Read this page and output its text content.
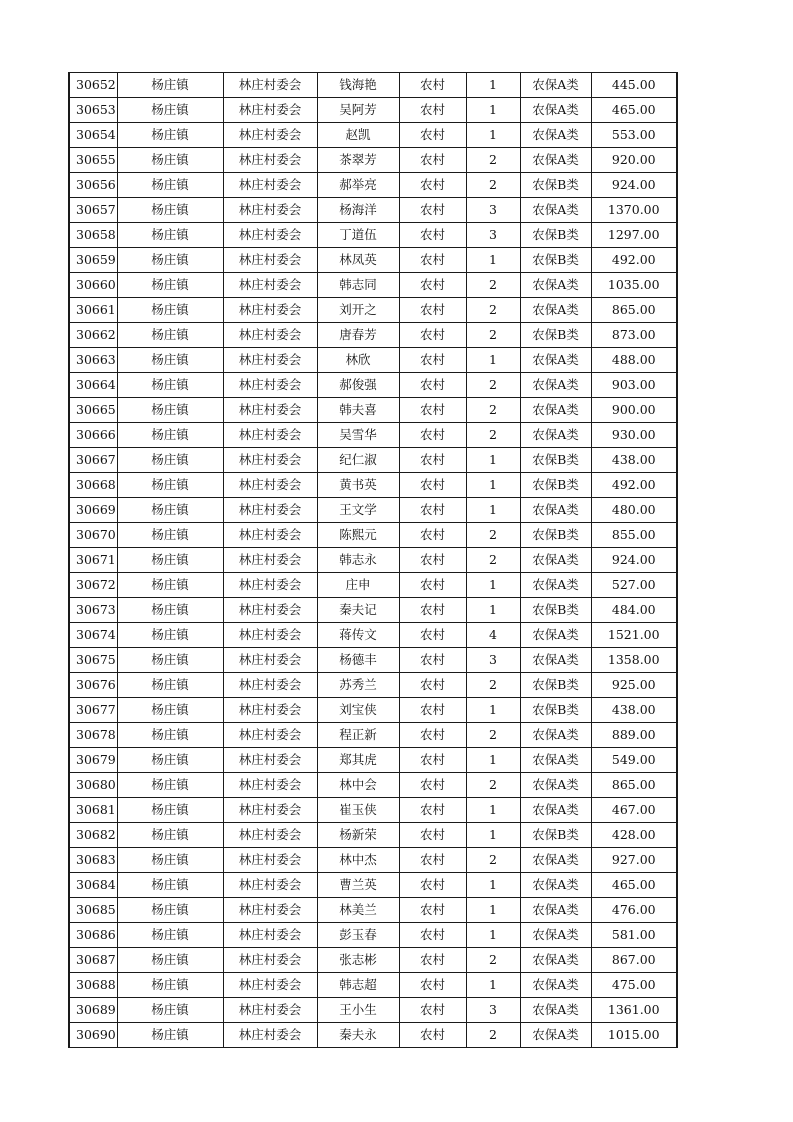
30652	杨庄镇	林庄村委会	钱海艳	农村	1	农保A类	445.00
30653	杨庄镇	林庄村委会	吴阿芳	农村	1	农保A类	465.00
30654	杨庄镇	林庄村委会	赵凯	农村	1	农保A类	553.00
30655	杨庄镇	林庄村委会	茶翠芳	农村	2	农保A类	920.00
30656	杨庄镇	林庄村委会	郝举亮	农村	2	农保B类	924.00
30657	杨庄镇	林庄村委会	杨海洋	农村	3	农保A类	1370.00
30658	杨庄镇	林庄村委会	丁道伍	农村	3	农保B类	1297.00
30659	杨庄镇	林庄村委会	林凤英	农村	1	农保B类	492.00
30660	杨庄镇	林庄村委会	韩志同	农村	2	农保A类	1035.00
30661	杨庄镇	林庄村委会	刘开之	农村	2	农保A类	865.00
30662	杨庄镇	林庄村委会	唐春芳	农村	2	农保B类	873.00
30663	杨庄镇	林庄村委会	林欣	农村	1	农保A类	488.00
30664	杨庄镇	林庄村委会	郝俊强	农村	2	农保A类	903.00
30665	杨庄镇	林庄村委会	韩夫喜	农村	2	农保A类	900.00
30666	杨庄镇	林庄村委会	吴雪华	农村	2	农保A类	930.00
30667	杨庄镇	林庄村委会	纪仁淑	农村	1	农保B类	438.00
30668	杨庄镇	林庄村委会	黄书英	农村	1	农保B类	492.00
30669	杨庄镇	林庄村委会	王文学	农村	1	农保A类	480.00
30670	杨庄镇	林庄村委会	陈熙元	农村	2	农保B类	855.00
30671	杨庄镇	林庄村委会	韩志永	农村	2	农保A类	924.00
30672	杨庄镇	林庄村委会	庄申	农村	1	农保A类	527.00
30673	杨庄镇	林庄村委会	秦夫记	农村	1	农保B类	484.00
30674	杨庄镇	林庄村委会	蒋传文	农村	4	农保A类	1521.00
30675	杨庄镇	林庄村委会	杨德丰	农村	3	农保A类	1358.00
30676	杨庄镇	林庄村委会	苏秀兰	农村	2	农保B类	925.00
30677	杨庄镇	林庄村委会	刘宝侠	农村	1	农保B类	438.00
30678	杨庄镇	林庄村委会	程正新	农村	2	农保A类	889.00
30679	杨庄镇	林庄村委会	郑其虎	农村	1	农保A类	549.00
30680	杨庄镇	林庄村委会	林中会	农村	2	农保A类	865.00
30681	杨庄镇	林庄村委会	崔玉侠	农村	1	农保A类	467.00
30682	杨庄镇	林庄村委会	杨新荣	农村	1	农保B类	428.00
30683	杨庄镇	林庄村委会	林中杰	农村	2	农保A类	927.00
30684	杨庄镇	林庄村委会	曹兰英	农村	1	农保A类	465.00
30685	杨庄镇	林庄村委会	林美兰	农村	1	农保A类	476.00
30686	杨庄镇	林庄村委会	彭玉春	农村	1	农保A类	581.00
30687	杨庄镇	林庄村委会	张志彬	农村	2	农保A类	867.00
30688	杨庄镇	林庄村委会	韩志超	农村	1	农保A类	475.00
30689	杨庄镇	林庄村委会	王小生	农村	3	农保A类	1361.00
30690	杨庄镇	林庄村委会	秦夫永	农村	2	农保A类	1015.00
